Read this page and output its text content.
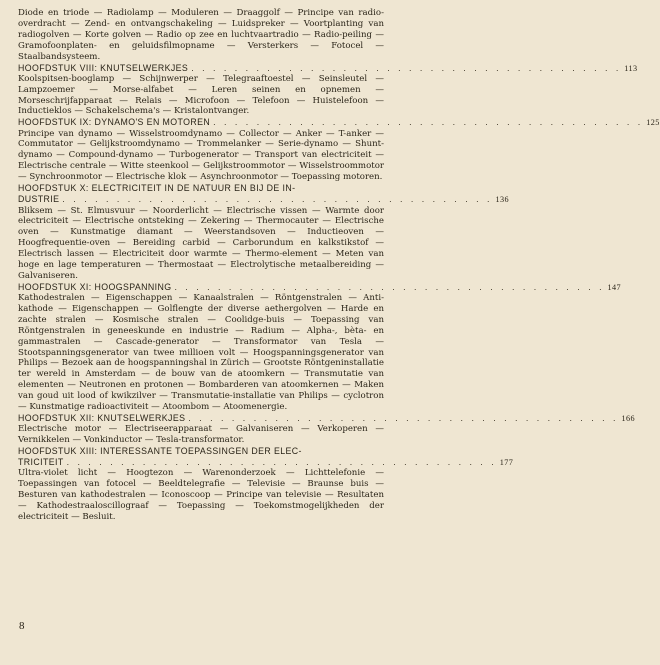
Diode en triode — Radiolamp — Moduleren — Draaggolf — Principe van radio-overdracht — Zend- en ontvangschakeling — Luidspreker — Voortplanting van radiogolven — Korte golven — Radio op zee en luchtvaartradio — Radio-peiling — Gramofoonplaten- en geluidsfilmopname — Versterkers — Fotocel — Staalbandsysteem.

HOOFDSTUK VIII: KNUTSELWERKJES . . . . . . . . . . . . . . . . . . . . . . . . . . . . . . . . . . . . . . . . 113

Koolspitsen-booglamp — Schijnwerper — Telegraaftoestel — Seinsleutel — Lampzoemer — Morse-alfabet — Leren seinen en opnemen — Morseschrijfapparaat — Relais — Microfoon — Telefoon — Huistelefoon — Inductieklos — Schakelschema's — Kristalontvanger.

HOOFDSTUK IX: DYNAMO'S EN MOTOREN . . . . . . . . . . . . . . . . . . . . . . . . . . . . . . . . . . . . . . . . 125

Principe van dynamo — Wisselstroomdynamo — Collector — Anker — T-anker — Commutator — Gelijkstroomdynamo — Trommelanker — Serie-dynamo — Shunt-dynamo — Compound-dynamo — Turbogenerator — Transport van electriciteit — Electrische centrale — Witte steenkool — Gelijkstroommotor — Wisselstroommotor — Synchroonmotor — Electrische klok — Asynchroonmotor — Toepassing motoren.

HOOFDSTUK X: ELECTRICITEIT IN DE NATUUR EN BIJ DE IN-
DUSTRIE . . . . . . . . . . . . . . . . . . . . . . . . . . . . . . . . . . . . . . . . 136

Bliksem — St. Elmusvuur — Noorderlicht — Electrische vissen — Warmte door electriciteit — Electrische ontsteking — Zekering — Thermocauter — Electrische oven — Kunstmatige diamant — Weerstandsoven — Inductieoven — Hoogfrequentie-oven — Bereiding carbid — Carborundum en kalkstikstof — Electrisch lassen — Electriciteit door warmte — Thermo-element — Meten van hoge en lage temperaturen — Thermostaat — Electrolytische metaalbereiding — Galvaniseren.

HOOFDSTUK XI: HOOGSPANNING . . . . . . . . . . . . . . . . . . . . . . . . . . . . . . . . . . . . . . . . 147

Kathodestralen — Eigenschappen — Kanaalstralen — Röntgenstralen — Anti-kathode — Eigenschappen — Golflengte der diverse aethergolven — Harde en zachte stralen — Kosmische stralen — Coolidge-buis — Toepassing van Röntgenstralen in geneeskunde en industrie — Radium — Alpha-, bèta- en gammastralen — Cascade-generator — Transformator van Tesla — Stootspanningsgenerator van twee millioen volt — Hoogspanningsgenerator van Philips — Bezoek aan de hoogspanningshal in Zürich — Grootste Röntgeninstallatie ter wereld in Amsterdam — de bouw van de atoomkern — Transmutatie van elementen — Neutronen en protonen — Bombarderen van atoomkernen — Maken van goud uit lood of kwikzilver — Transmutatie-installatie van Philips — cyclotron — Kunstmatige radioactiviteit — Atoombom — Atoomenergie.

HOOFDSTUK XII: KNUTSELWERKJES . . . . . . . . . . . . . . . . . . . . . . . . . . . . . . . . . . . . . . . . 166

Electrische motor — Electriseerapparaat — Galvaniseren — Verkoperen — Vernikkelen — Vonkinductor — Tesla-transformator.

HOOFDSTUK XIII: INTERESSANTE TOEPASSINGEN DER ELEC-
TRICITEIT . . . . . . . . . . . . . . . . . . . . . . . . . . . . . . . . . . . . . . . . 177

Ultra-violet licht — Hoogtezon — Warenonderzoek — Lichttelefonie — Toepassingen van fotocel — Beeldtelegrafie — Televisie — Braunse buis — Besturen van kathodestralen — Iconoscoop — Principe van televisie — Resultaten — Kathodestraaloscillograaf — Toepassing — Toekomstmogelijkheden der electriciteit — Besluit.

8
